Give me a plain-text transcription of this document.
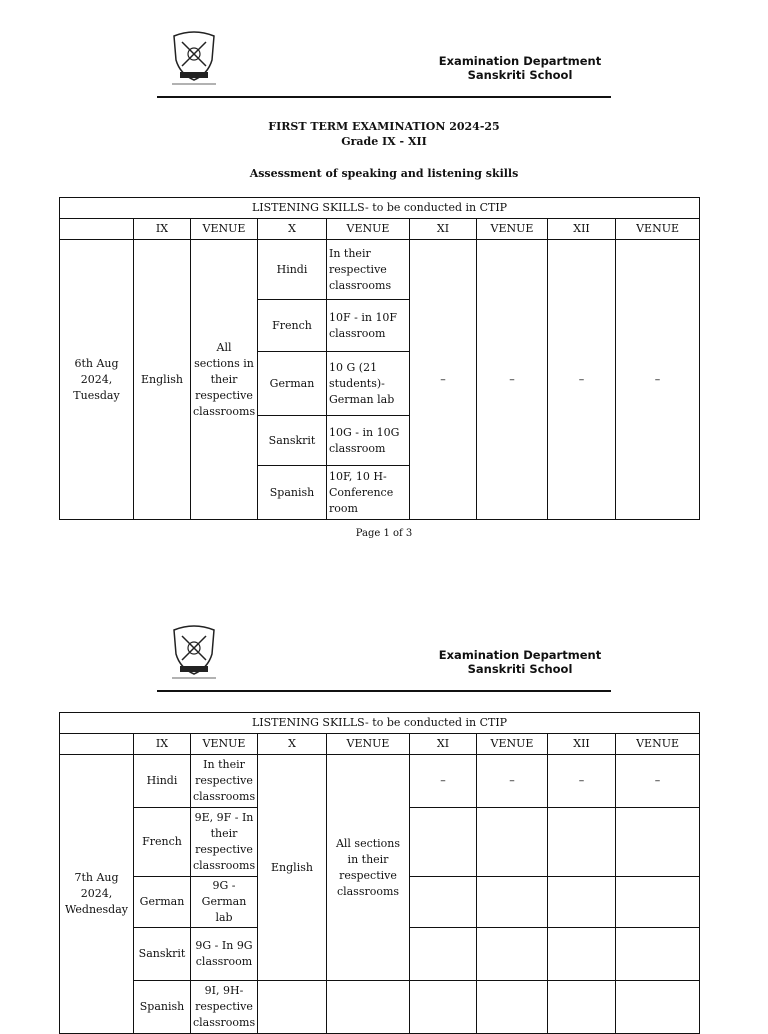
Examination Department
Sanskriti School
FIRST TERM EXAMINATION 2024-25
Grade IX - XII
Assessment of speaking and listening skills
LISTENING SKILLS- to be conducted in CTIP								
	IX	VENUE	X	VENUE	XI	VENUE	XII	VENUE
6th Aug 2024, Tuesday	English	All sections in their respective classrooms	Hindi	In their respective classrooms	–	–	–	–
			French	10F - in 10F classroom				
			German	10 G (21 students)- German lab				
			Sanskrit	10G - in 10G classroom				
			Spanish	10F, 10 H- Conference room				
Page 1 of 3
Examination Department
Sanskriti School
LISTENING SKILLS- to be conducted in CTIP								
	IX	VENUE	X	VENUE	XI	VENUE	XII	VENUE
7th Aug 2024, Wednesday	Hindi	In their respective classrooms	English	All sections in their respective classrooms	–	–	–	–
	French	9E, 9F - In their respective classrooms						
	German	9G - German lab						
	Sanskrit	9G - In 9G classroom						
	Spanish	9I, 9H- respective classrooms						
